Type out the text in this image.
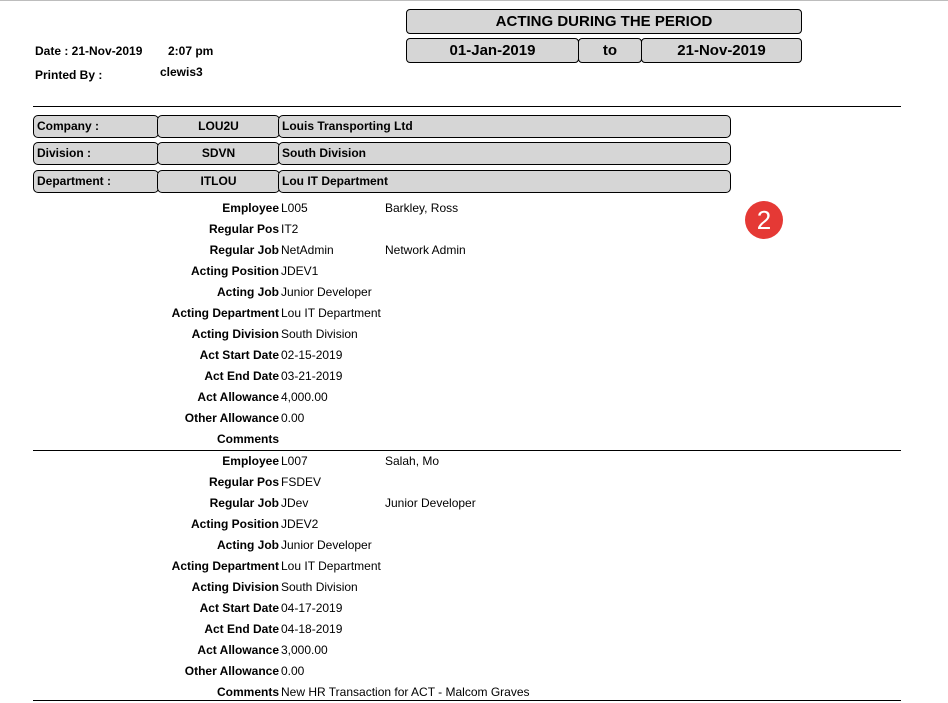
ACTING DURING THE PERIOD
01-Jan-2019	to	21-Nov-2019
Date : 21-Nov-2019 2:07 pm
Printed By :	clewis3
Company :	LOU2U	Louis Transporting Ltd
Division :	SDVN	South Division
Department :	ITLOU	Lou IT Department
2
Employee L005	Barkley, Ross
Regular Pos IT2
Regular Job NetAdmin	Network Admin
Acting Position JDEV1
Acting Job Junior Developer
Acting Department Lou IT Department
Acting Division South Division
Act Start Date 02-15-2019
Act End Date 03-21-2019
Act Allowance 4,000.00
Other Allowance 0.00
Comments
Employee L007	Salah, Mo
Regular Pos FSDEV
Regular Job JDev	Junior Developer
Acting Position JDEV2
Acting Job Junior Developer
Acting Department Lou IT Department
Acting Division South Division
Act Start Date 04-17-2019
Act End Date 04-18-2019
Act Allowance 3,000.00
Other Allowance 0.00
Comments New HR Transaction for ACT - Malcom Graves
